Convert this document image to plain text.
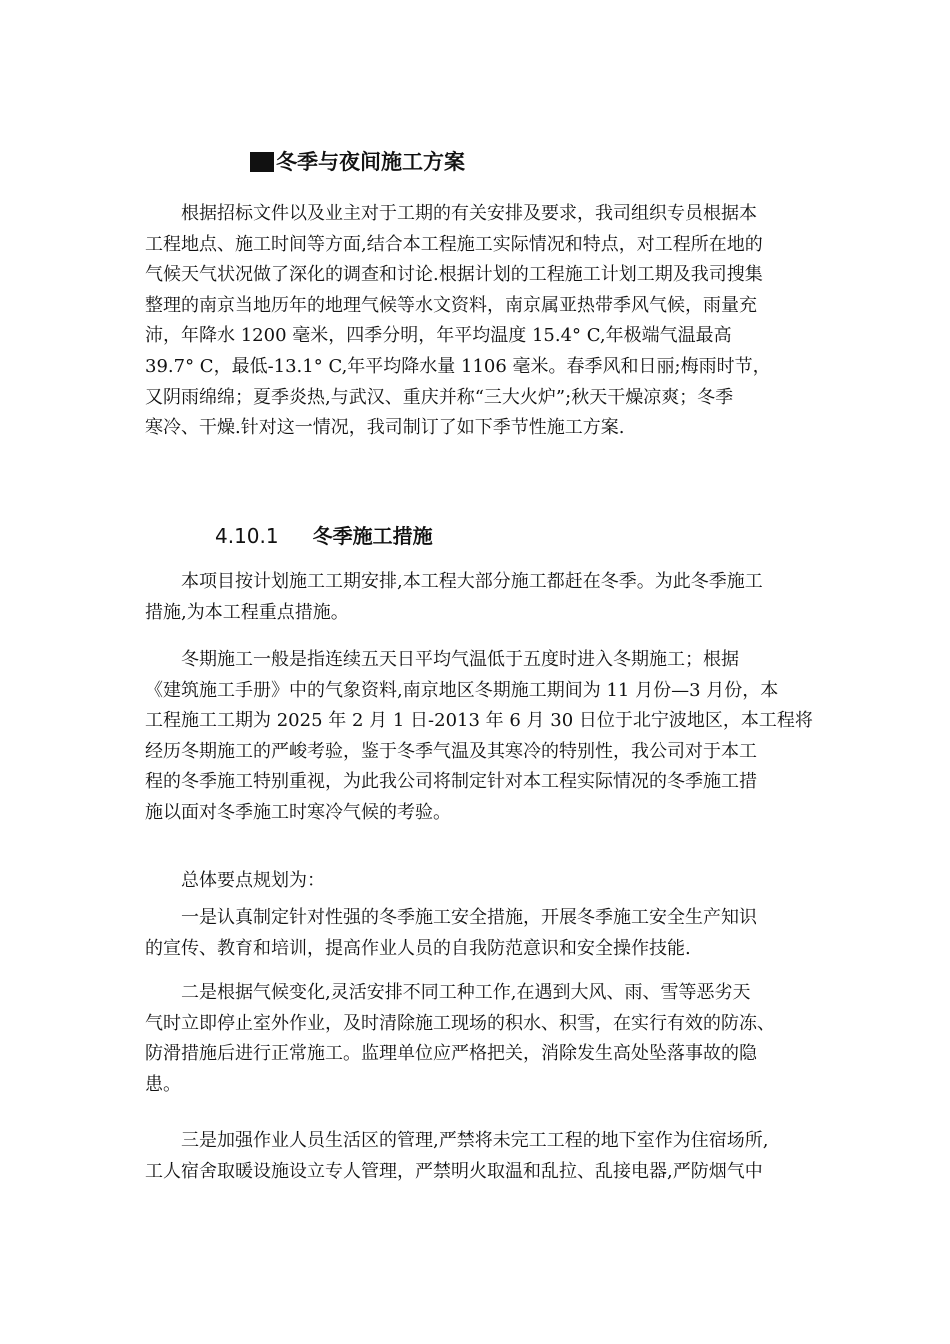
冬季与夜间施工方案
根据招标文件以及业主对于工期的有关安排及要求，我司组织专员根据本
工程地点、施工时间等方面,结合本工程施工实际情况和特点，对工程所在地的
气候天气状况做了深化的调查和讨论.根据计划的工程施工计划工期及我司搜集
整理的南京当地历年的地理气候等水文资料，南京属亚热带季风气候，雨量充
沛，年降水 1200 毫米，四季分明，年平均温度 15.4° C,年极端气温最高
39.7° C，最低-13.1° C,年平均降水量 1106 毫米。春季风和日丽;梅雨时节，
又阴雨绵绵；夏季炎热,与武汉、重庆并称“三大火炉”;秋天干燥凉爽；冬季
寒冷、干燥.针对这一情况，我司制订了如下季节性施工方案.
4.10.1 冬季施工措施
本项目按计划施工工期安排,本工程大部分施工都赶在冬季。为此冬季施工
措施,为本工程重点措施。
冬期施工一般是指连续五天日平均气温低于五度时进入冬期施工；根据
《建筑施工手册》中的气象资料,南京地区冬期施工期间为 11 月份—3 月份，本
工程施工工期为 2025 年 2 月 1 日-2013 年 6 月 30 日位于北宁波地区，本工程将
经历冬期施工的严峻考验，鉴于冬季气温及其寒冷的特别性，我公司对于本工
程的冬季施工特别重视，为此我公司将制定针对本工程实际情况的冬季施工措
施以面对冬季施工时寒冷气候的考验。
总体要点规划为：
一是认真制定针对性强的冬季施工安全措施，开展冬季施工安全生产知识
的宣传、教育和培训，提高作业人员的自我防范意识和安全操作技能.
二是根据气候变化,灵活安排不同工种工作,在遇到大风、雨、雪等恶劣天
气时立即停止室外作业，及时清除施工现场的积水、积雪，在实行有效的防冻、
防滑措施后进行正常施工。监理单位应严格把关，消除发生高处坠落事故的隐
患。
三是加强作业人员生活区的管理,严禁将未完工工程的地下室作为住宿场所,
工人宿舍取暖设施设立专人管理，严禁明火取温和乱拉、乱接电器,严防烟气中
